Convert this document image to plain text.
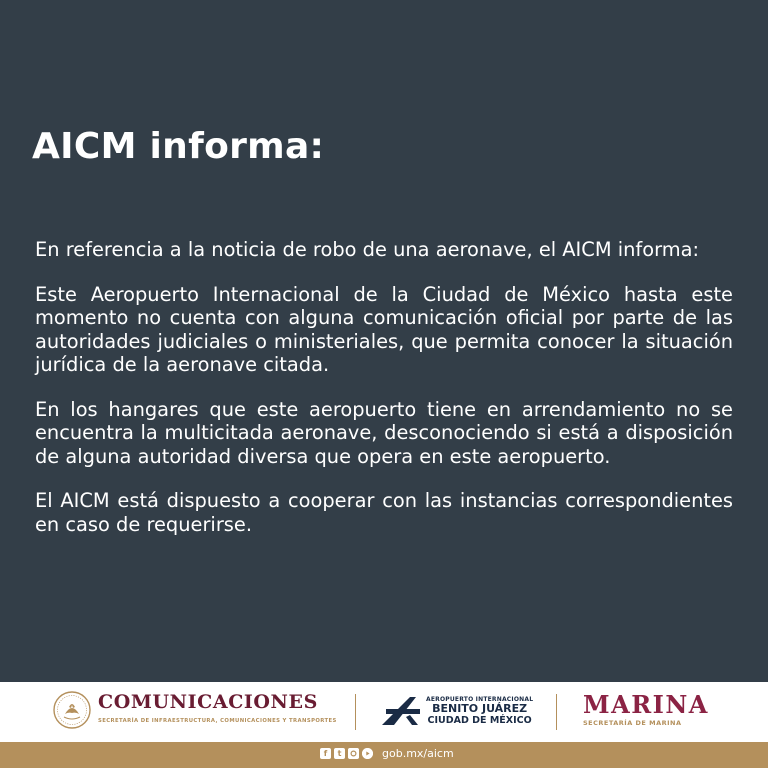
AICM informa:

En referencia a la noticia de robo de una aeronave, el AICM informa:

Este Aeropuerto Internacional de la Ciudad de México hasta este momento no cuenta con alguna comunicación oficial por parte de las autoridades judiciales o ministeriales, que permita conocer la situación jurídica de la aeronave citada.

En los hangares que este aeropuerto tiene en arrendamiento no se encuentra la multicitada aeronave, desconociendo si está a disposición de alguna autoridad diversa que opera en este aeropuerto.

El AICM está dispuesto a cooperar con las instancias correspondientes en caso de requerirse.

COMUNICACIONES
SECRETARÍA DE INFRAESTRUCTURA, COMUNICACIONES Y TRANSPORTES
AEROPUERTO INTERNACIONAL
BENITO JUÁREZ
CIUDAD DE MÉXICO
MARINA
SECRETARÍA DE MARINA
f	t	gob.mx/aicm
